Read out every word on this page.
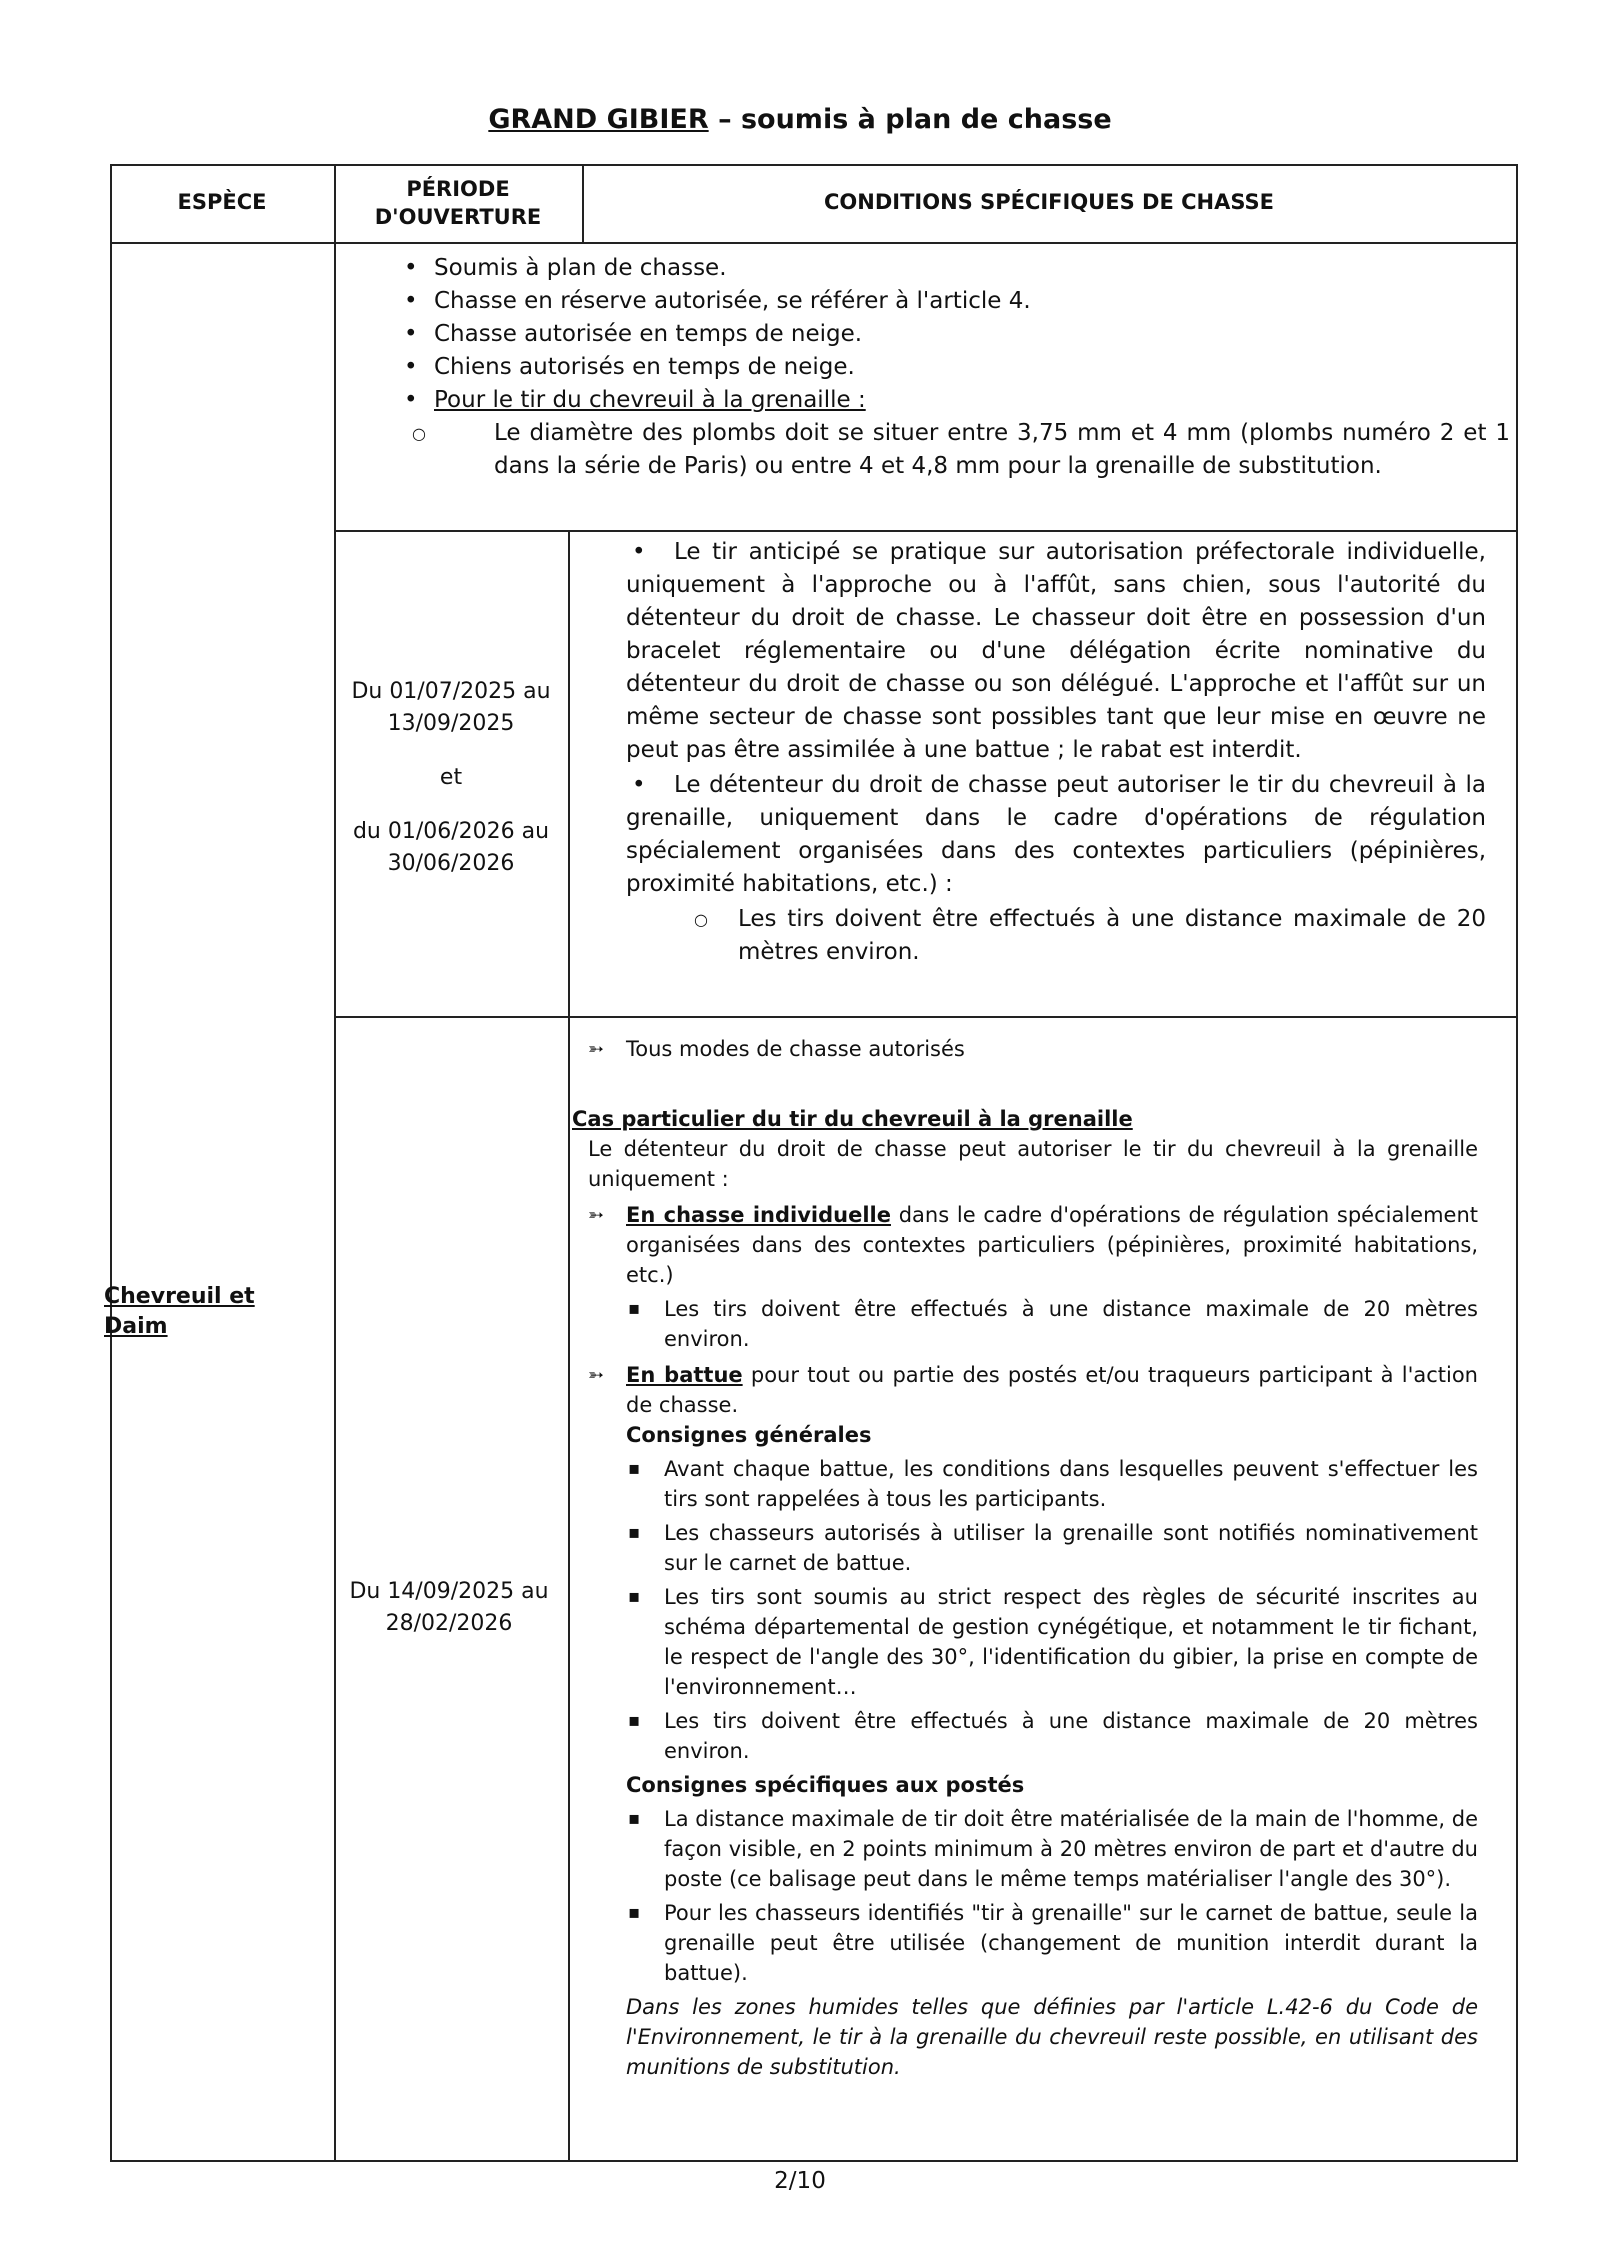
GRAND GIBIER – soumis à plan de chasse
ESPÈCE
PÉRIODE
D'OUVERTURE
CONDITIONS SPÉCIFIQUES DE CHASSE
Chevreuil et Daim
• Soumis à plan de chasse.
• Chasse en réserve autorisée, se référer à l'article 4.
• Chasse autorisée en temps de neige.
• Chiens autorisés en temps de neige.
• Pour le tir du chevreuil à la grenaille :
○ Le diamètre des plombs doit se situer entre 3,75 mm et 4 mm (plombs numéro 2 et 1 dans la série de Paris) ou entre 4 et 4,8 mm pour la grenaille de substitution.
Du 01/07/2025 au
13/09/2025
et
du 01/06/2026 au
30/06/2026
•	Le tir anticipé se pratique sur autorisation préfectorale individuelle, uniquement à l'approche ou à l'affût, sans chien, sous l'autorité du détenteur du droit de chasse. Le chasseur doit être en possession d'un bracelet réglementaire ou d'une délégation écrite nominative du détenteur du droit de chasse ou son délégué. L'approche et l'affût sur un même secteur de chasse sont possibles tant que leur mise en œuvre ne peut pas être assimilée à une battue ; le rabat est interdit.
•	Le détenteur du droit de chasse peut autoriser le tir du chevreuil à la grenaille, uniquement dans le cadre d'opérations de régulation spécialement organisées dans des contextes particuliers (pépinières, proximité habitations, etc.) :
○ Les tirs doivent être effectués à une distance maximale de 20 mètres environ.
Du 14/09/2025 au
28/02/2026
➳ Tous modes de chasse autorisés

Cas particulier du tir du chevreuil à la grenaille

Le détenteur du droit de chasse peut autoriser le tir du chevreuil à la grenaille uniquement :

➳ En chasse individuelle dans le cadre d'opérations de régulation spécialement organisées dans des contextes particuliers (pépinières, proximité habitations, etc.)
▪ Les tirs doivent être effectués à une distance maximale de 20 mètres environ.
➳ En battue pour tout ou partie des postés et/ou traqueurs participant à l'action de chasse.

Consignes générales

▪ Avant chaque battue, les conditions dans lesquelles peuvent s'effectuer les tirs sont rappelées à tous les participants.
▪ Les chasseurs autorisés à utiliser la grenaille sont notifiés nominativement sur le carnet de battue.
▪ Les tirs sont soumis au strict respect des règles de sécurité inscrites au schéma départemental de gestion cynégétique, et notamment le tir fichant, le respect de l'angle des 30°, l'identification du gibier, la prise en compte de l'environnement…
▪ Les tirs doivent être effectués à une distance maximale de 20 mètres environ.

Consignes spécifiques aux postés

▪ La distance maximale de tir doit être matérialisée de la main de l'homme, de façon visible, en 2 points minimum à 20 mètres environ de part et d'autre du poste (ce balisage peut dans le même temps matérialiser l'angle des 30°).
▪ Pour les chasseurs identifiés "tir à grenaille" sur le carnet de battue, seule la grenaille peut être utilisée (changement de munition interdit durant la battue).

Dans les zones humides telles que définies par l'article L.42-6 du Code de l'Environnement, le tir à la grenaille du chevreuil reste possible, en utilisant des munitions de substitution.

2/10
